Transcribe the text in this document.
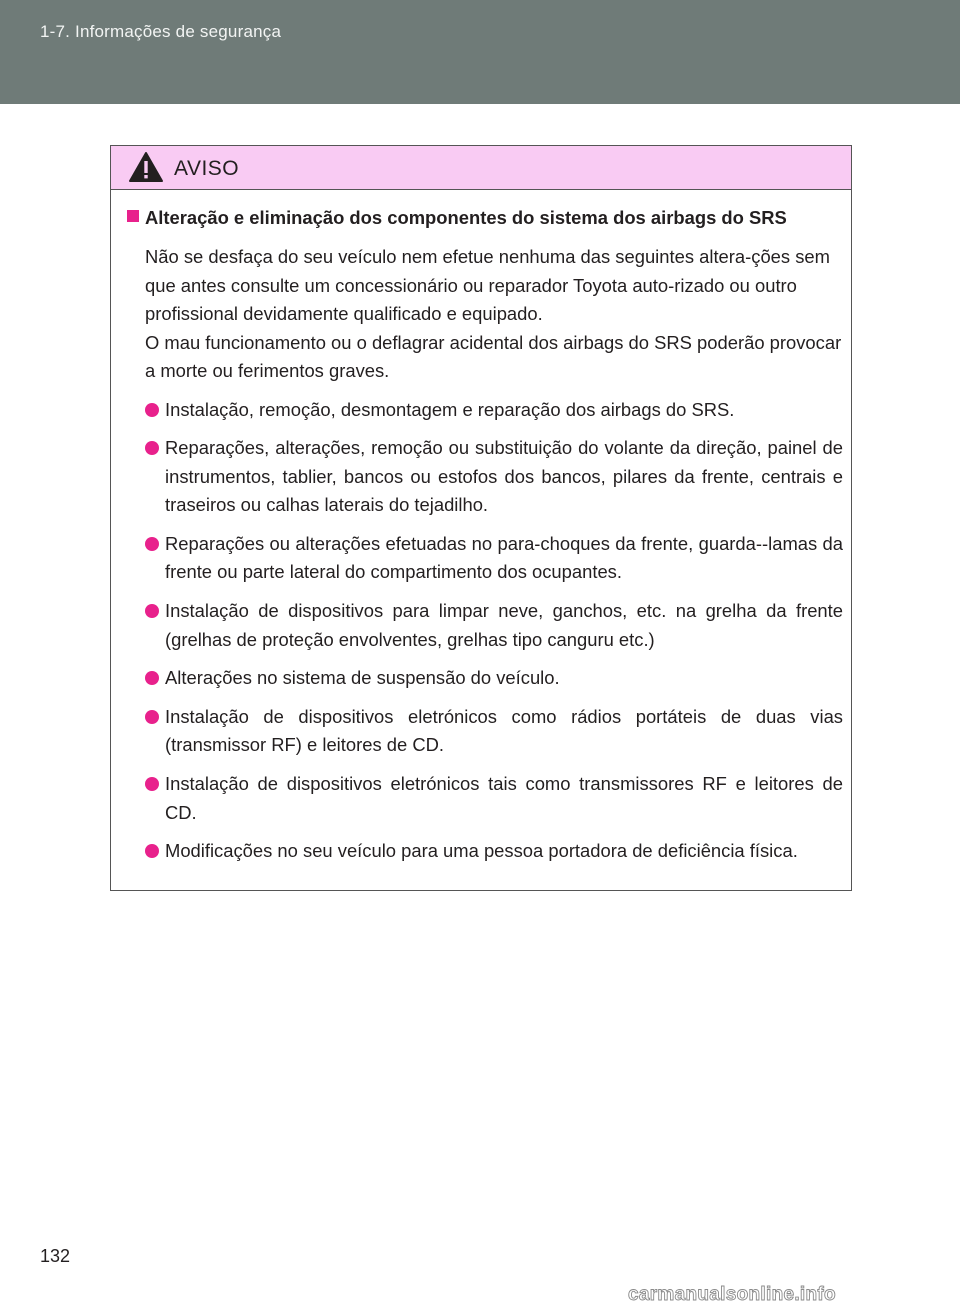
1-7. Informações de segurança
AVISO
Alteração e eliminação dos componentes do sistema dos airbags do SRS

Não se desfaça do seu veículo nem efetue nenhuma das seguintes altera-ções sem que antes consulte um concessionário ou reparador Toyota auto-rizado ou outro profissional devidamente qualificado e equipado.

O mau funcionamento ou o deflagrar acidental dos airbags do SRS poderão provocar a morte ou ferimentos graves.

Instalação, remoção, desmontagem e reparação dos airbags do SRS.
Reparações, alterações, remoção ou substituição do volante da direção, painel de instrumentos, tablier, bancos ou estofos dos bancos, pilares da frente, centrais e traseiros ou calhas laterais do tejadilho.
Reparações ou alterações efetuadas no para-choques da frente, guarda--lamas da frente ou parte lateral do compartimento dos ocupantes.
Instalação de dispositivos para limpar neve, ganchos, etc. na grelha da frente (grelhas de proteção envolventes, grelhas tipo canguru etc.)
Alterações no sistema de suspensão do veículo.
Instalação de dispositivos eletrónicos como rádios portáteis de duas vias (transmissor RF) e leitores de CD.
Instalação de dispositivos eletrónicos tais como transmissores RF e leitores de CD.
Modificações no seu veículo para uma pessoa portadora de deficiência física.
132
carmanualsonline.info
